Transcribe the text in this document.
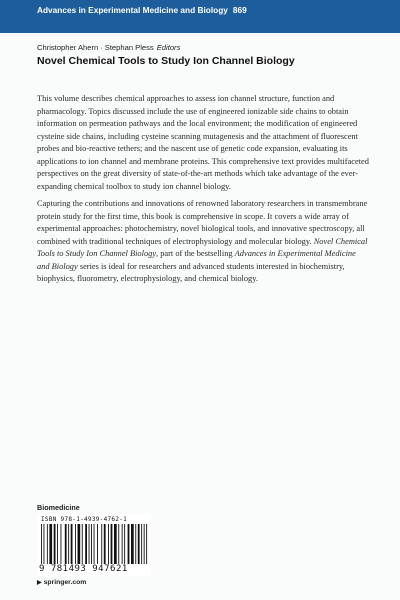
Advances in Experimental Medicine and Biology 869
Christopher Ahern · Stephan Pless Editors
Novel Chemical Tools to Study Ion Channel Biology

This volume describes chemical approaches to assess ion channel structure, function and pharmacology. Topics discussed include the use of engineered ionizable side chains to obtain information on permeation pathways and the local environment; the modification of engineered cysteine side chains, including cysteine scanning mutagenesis and the attachment of fluorescent probes and bio-reactive tethers; and the nascent use of genetic code expansion, evaluating its applications to ion channel and membrane proteins. This comprehensive text provides multifaceted perspectives on the great diversity of state-of-the-art methods which take advantage of the ever-expanding chemical toolbox to study ion channel biology.

Capturing the contributions and innovations of renowned laboratory researchers in transmembrane protein study for the first time, this book is comprehensive in scope. It covers a wide array of experimental approaches: photochemistry, novel biological tools, and innovative spectroscopy, all combined with traditional techniques of electrophysiology and molecular biology. Novel Chemical Tools to Study Ion Channel Biology, part of the bestselling Advances in Experimental Medicine and Biology series is ideal for researchers and advanced students interested in biochemistry, biophysics, fluorometry, electrophysiology, and chemical biology.

Biomedicine
ISBN 978-1-4939-4762-1
9 781493 947621
▶ springer.com
